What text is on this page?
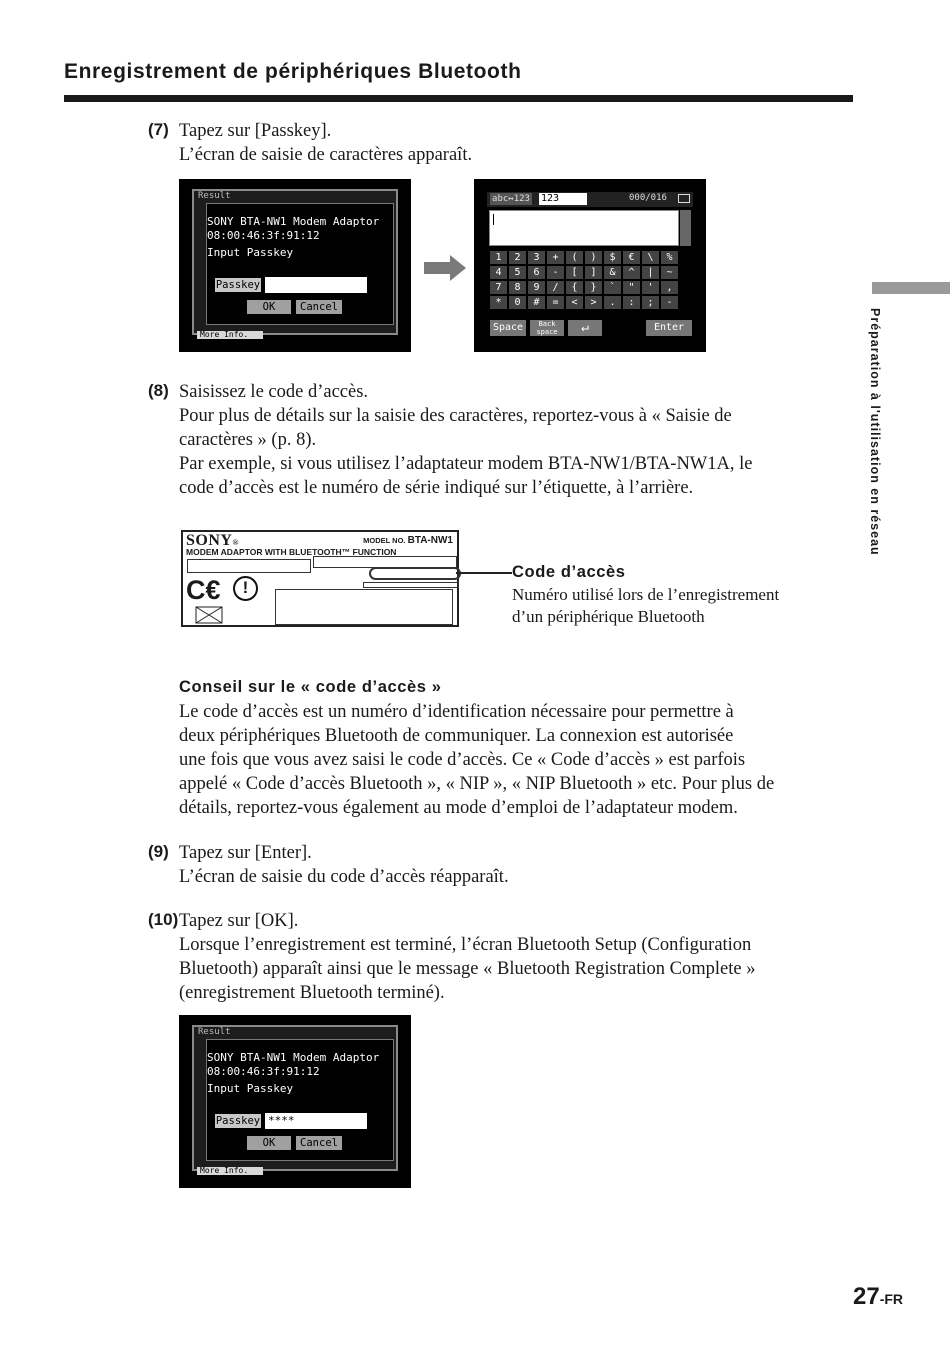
Enregistrement de périphériques Bluetooth
Préparation à l'utilisation en réseau
(7) Tapez sur [Passkey].
L’écran de saisie de caractères apparaît.
Result
SONY BTA-NW1 Modem Adaptor
08:00:46:3f:91:12
Input Passkey
Passkey
OK	Cancel
More Info.
abc↔123 123	000/016
1	2	3	+	(	)	$	€	\	%
4	5	6	-	[	]	&	^	|	~
7	8	9	/	{	}	`	"	'	,
*	0	#	=	<	>	.	:	;	-
Space	Back space	↵	Enter
(8) Saisissez le code d’accès.
Pour plus de détails sur la saisie des caractères, reportez-vous à « Saisie de
caractères » (p. 8).
Par exemple, si vous utilisez l’adaptateur modem BTA-NW1/BTA-NW1A, le
code d’accès est le numéro de série indiqué sur l’étiquette, à l’arrière.
SONY®	MODEL NO. BTA-NW1
MODEM ADAPTOR WITH BLUETOOTH™ FUNCTION
C€	!
Code d’accès
Numéro utilisé lors de l’enregistrement
d’un périphérique Bluetooth
Conseil sur le « code d’accès »
Le code d’accès est un numéro d’identification nécessaire pour permettre à
deux périphériques Bluetooth de communiquer. La connexion est autorisée
une fois que vous avez saisi le code d’accès. Ce « Code d’accès » est parfois
appelé « Code d’accès Bluetooth », « NIP », « NIP Bluetooth » etc. Pour plus de
détails, reportez-vous également au mode d’emploi de l’adaptateur modem.
(9) Tapez sur [Enter].
L’écran de saisie du code d’accès réapparaît.
(10) Tapez sur [OK].
Lorsque l’enregistrement est terminé, l’écran Bluetooth Setup (Configuration
Bluetooth) apparaît ainsi que le message « Bluetooth Registration Complete »
(enregistrement Bluetooth terminé).
Result
SONY BTA-NW1 Modem Adaptor
08:00:46:3f:91:12
Input Passkey
Passkey ****
OK	Cancel
More Info.
27-FR
